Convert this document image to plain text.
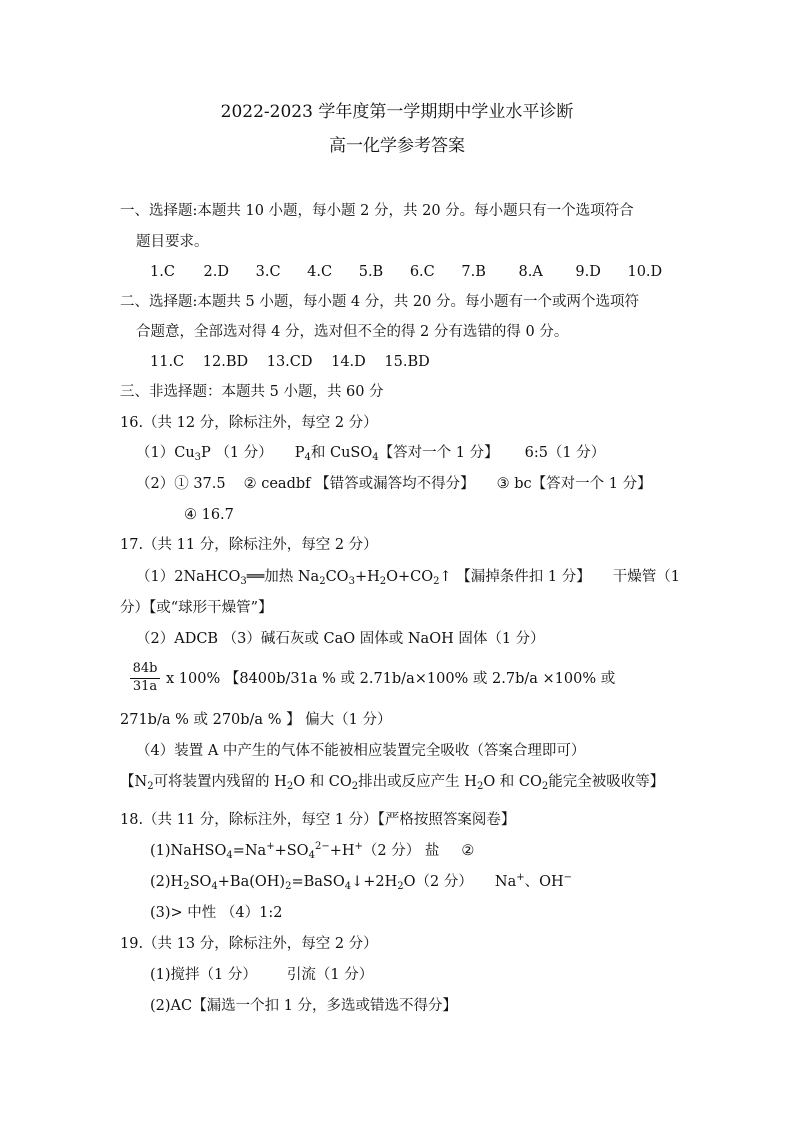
2022-2023 学年度第一学期期中学业水平诊断
高一化学参考答案
一、选择题:本题共 10 小题，每小题 2 分，共 20 分。每小题只有一个选项符合
题目要求。
1.C 2.D 3.C 4.C 5.B 6.C 7.B 8.A 9.D 10.D
二、选择题:本题共 5 小题，每小题 4 分，共 20 分。每小题有一个或两个选项符
合题意，全部选对得 4 分，选对但不全的得 2 分有选错的得 0 分。
11.C 12.BD 13.CD 14.D 15.BD
三、非选择题：本题共 5 小题，共 60 分
16.（共 12 分，除标注外，每空 2 分）
$(1)Cu_3P$ （1 分） $P_4$和 CuSO$_4$【答对一个 1 分】 6:5（1 分）
（2）① 37.5 ② ceadbf 【错答或漏答均不得分】 ③ bc【答对一个 1 分】
④ 16.7
17.（共 11 分，除标注外，每空 2 分）
（1）2NaHCO$_3$══加热 $Na_2CO_3+H_2O+CO_2↑$ 【漏掉条件扣 1 分】 干燥管（1
分）【或“球形干燥管”】
（2）ADCB （3）碱石灰或 CaO 固体或 NaOH 固体（1 分）
$\frac{84b}{31a}$ x 100% 【8400b/31a % 或 2.71b/a×100% 或 2.7b/a ×100% 或
271b/a % 或 270b/a % 】 偏大（1 分）
（4）装置 A 中产生的气体不能被相应装置完全吸收（答案合理即可）
【$N_2$可将装置内残留的 $H_2O$ 和 $CO_2$排出或反应产生 $H_2O$ 和 $CO_2$能完全被吸收等】
18.（共 11 分，除标注外，每空 1 分）【严格按照答案阅卷】
$(1)NaHSO_4=Na^++SO_4^{2-}+H^+(2$ 分） 盐 ②
$(2)H_2SO_4+Ba(OH)_2=BaSO_4↓+2H_2O(2$ 分） Na+、OH−
(3)> 中性 （4）1:2
19.（共 13 分，除标注外，每空 2 分）
(1)搅拌（1 分） 引流（1 分）
(2)AC【漏选一个扣 1 分，多选或错选不得分】
